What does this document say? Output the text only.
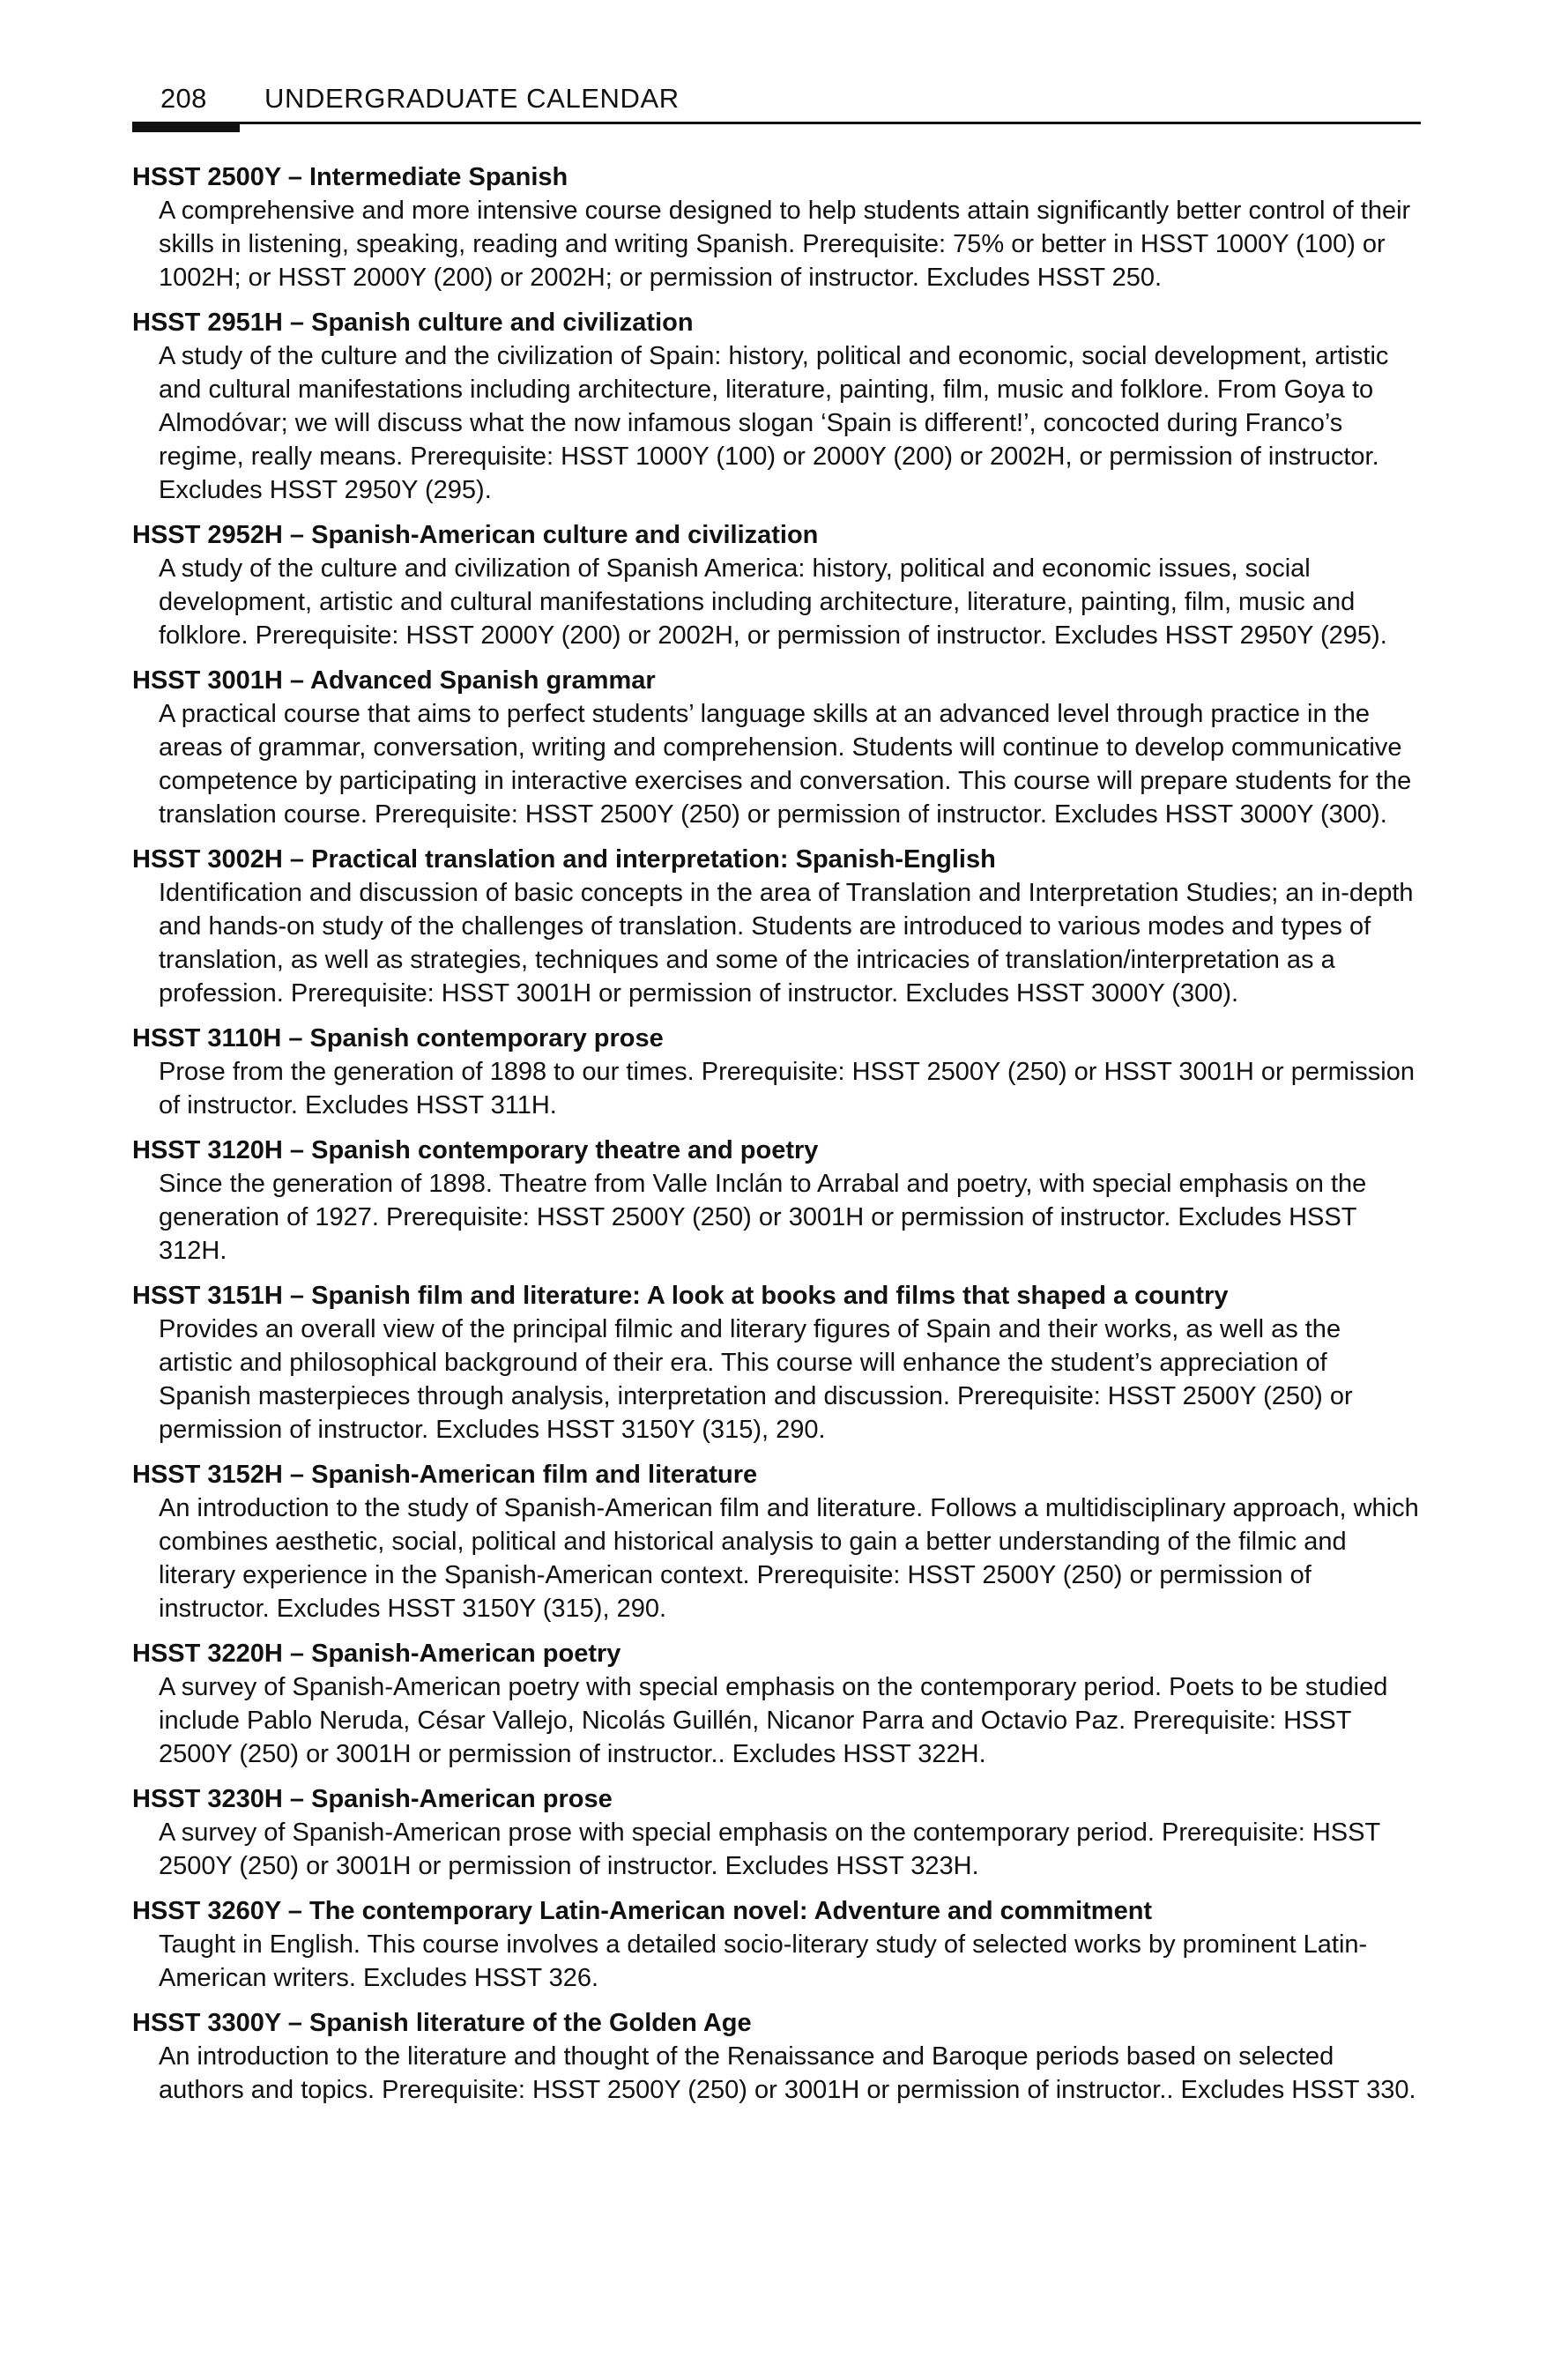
208 UNDERGRADUATE CALENDAR

HSST 2500Y – Intermediate Spanish

A comprehensive and more intensive course designed to help students attain significantly better control of their skills in listening, speaking, reading and writing Spanish. Prerequisite: 75% or better in HSST 1000Y (100) or 1002H; or HSST 2000Y (200) or 2002H; or permission of instructor. Excludes HSST 250.

HSST 2951H – Spanish culture and civilization

A study of the culture and the civilization of Spain: history, political and economic, social development, artistic and cultural manifestations including architecture, literature, painting, film, music and folklore. From Goya to Almodóvar; we will discuss what the now infamous slogan ‘Spain is different!’, concocted during Franco’s regime, really means. Prerequisite: HSST 1000Y (100) or 2000Y (200) or 2002H, or permission of instructor. Excludes HSST 2950Y (295).

HSST 2952H – Spanish-American culture and civilization

A study of the culture and civilization of Spanish America: history, political and economic issues, social development, artistic and cultural manifestations including architecture, literature, painting, film, music and folklore. Prerequisite: HSST 2000Y (200) or 2002H, or permission of instructor. Excludes HSST 2950Y (295).

HSST 3001H – Advanced Spanish grammar

A practical course that aims to perfect students’ language skills at an advanced level through practice in the areas of grammar, conversation, writing and comprehension. Students will continue to develop communicative competence by participating in interactive exercises and conversation. This course will prepare students for the translation course. Prerequisite: HSST 2500Y (250) or permission of instructor. Excludes HSST 3000Y (300).

HSST 3002H – Practical translation and interpretation: Spanish-English

Identification and discussion of basic concepts in the area of Translation and Interpretation Studies; an in-depth and hands-on study of the challenges of translation. Students are introduced to various modes and types of translation, as well as strategies, techniques and some of the intricacies of translation/interpretation as a profession. Prerequisite: HSST 3001H or permission of instructor. Excludes HSST 3000Y (300).

HSST 3110H – Spanish contemporary prose

Prose from the generation of 1898 to our times. Prerequisite: HSST 2500Y (250) or HSST 3001H or permission of instructor. Excludes HSST 311H.

HSST 3120H – Spanish contemporary theatre and poetry

Since the generation of 1898. Theatre from Valle Inclán to Arrabal and poetry, with special emphasis on the generation of 1927. Prerequisite: HSST 2500Y (250) or 3001H or permission of instructor. Excludes HSST 312H.

HSST 3151H – Spanish film and literature: A look at books and films that shaped a country

Provides an overall view of the principal filmic and literary figures of Spain and their works, as well as the artistic and philosophical background of their era. This course will enhance the student’s appreciation of Spanish masterpieces through analysis, interpretation and discussion. Prerequisite: HSST 2500Y (250) or permission of instructor. Excludes HSST 3150Y (315), 290.

HSST 3152H – Spanish-American film and literature

An introduction to the study of Spanish-American film and literature. Follows a multidisciplinary approach, which combines aesthetic, social, political and historical analysis to gain a better understanding of the filmic and literary experience in the Spanish-American context. Prerequisite: HSST 2500Y (250) or permission of instructor. Excludes HSST 3150Y (315), 290.

HSST 3220H – Spanish-American poetry

A survey of Spanish-American poetry with special emphasis on the contemporary period. Poets to be studied include Pablo Neruda, César Vallejo, Nicolás Guillén, Nicanor Parra and Octavio Paz. Prerequisite: HSST 2500Y (250) or 3001H or permission of instructor.. Excludes HSST 322H.

HSST 3230H – Spanish-American prose

A survey of Spanish-American prose with special emphasis on the contemporary period. Prerequisite: HSST 2500Y (250) or 3001H or permission of instructor. Excludes HSST 323H.

HSST 3260Y – The contemporary Latin-American novel: Adventure and commitment

Taught in English. This course involves a detailed socio-literary study of selected works by prominent Latin-American writers. Excludes HSST 326.

HSST 3300Y – Spanish literature of the Golden Age

An introduction to the literature and thought of the Renaissance and Baroque periods based on selected authors and topics. Prerequisite: HSST 2500Y (250) or 3001H or permission of instructor.. Excludes HSST 330.
